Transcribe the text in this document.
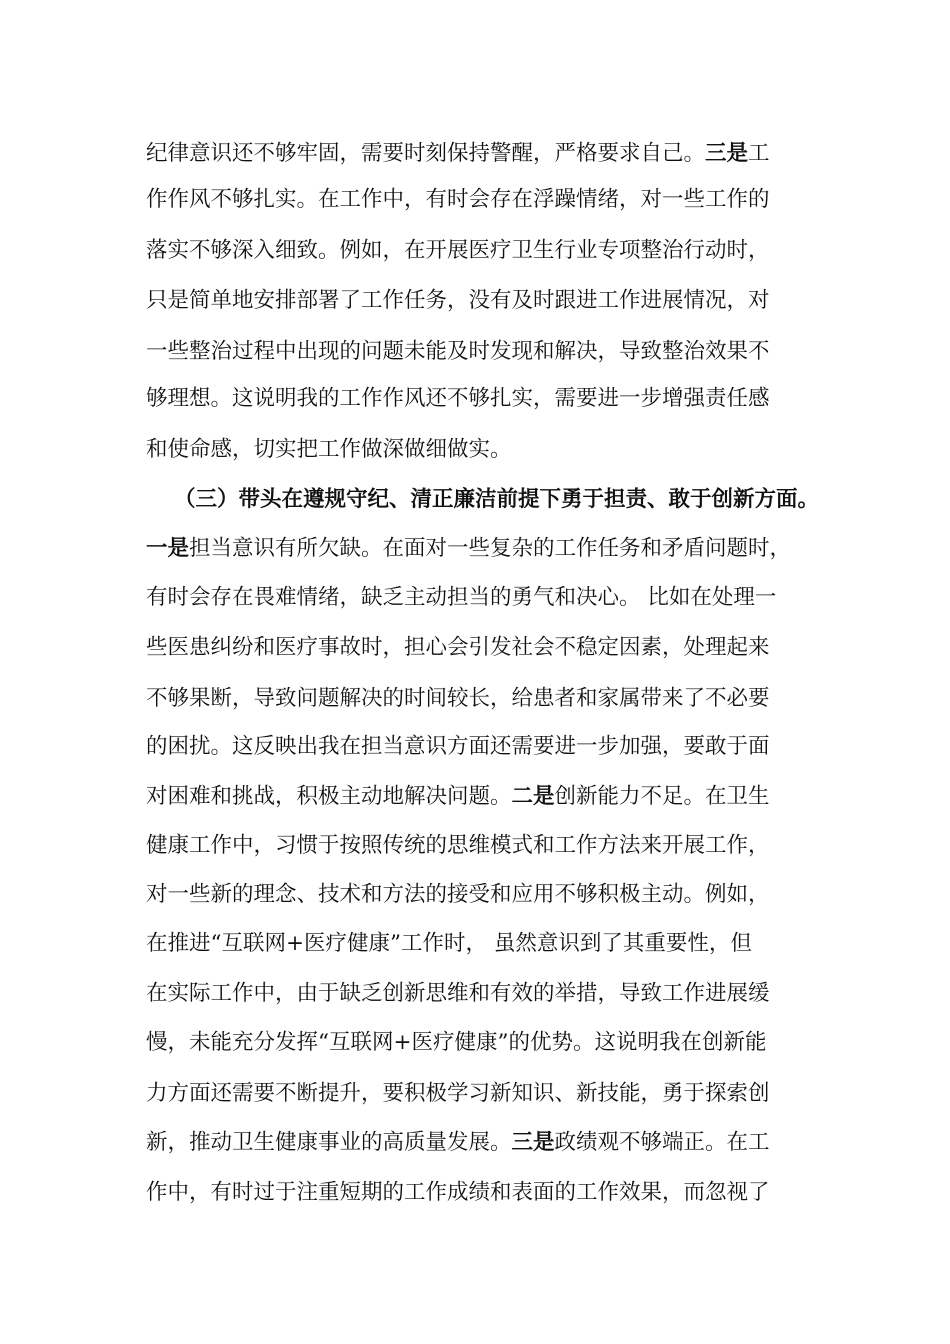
纪律意识还不够牢固，需要时刻保持警醒，严格要求自己。三是工
作作风不够扎实。在工作中，有时会存在浮躁情绪，对一些工作的
落实不够深入细致。例如，在开展医疗卫生行业专项整治行动时，
只是简单地安排部署了工作任务，没有及时跟进工作进展情况，对
一些整治过程中出现的问题未能及时发现和解决，导致整治效果不
够理想。这说明我的工作作风还不够扎实，需要进一步增强责任感
和使命感，切实把工作做深做细做实。
（三）带头在遵规守纪、清正廉洁前提下勇于担责、敢于创新方面。
一是担当意识有所欠缺。在面对一些复杂的工作任务和矛盾问题时，
有时会存在畏难情绪，缺乏主动担当的勇气和决心。 比如在处理一
些医患纠纷和医疗事故时，担心会引发社会不稳定因素，处理起来
不够果断，导致问题解决的时间较长，给患者和家属带来了不必要
的困扰。这反映出我在担当意识方面还需要进一步加强，要敢于面
对困难和挑战，积极主动地解决问题。二是创新能力不足。在卫生
健康工作中，习惯于按照传统的思维模式和工作方法来开展工作，
对一些新的理念、技术和方法的接受和应用不够积极主动。例如，
在推进“互联网+医疗健康”工作时， 虽然意识到了其重要性，但
在实际工作中，由于缺乏创新思维和有效的举措，导致工作进展缓
慢，未能充分发挥“互联网+医疗健康”的优势。这说明我在创新能
力方面还需要不断提升，要积极学习新知识、新技能，勇于探索创
新，推动卫生健康事业的高质量发展。三是政绩观不够端正。在工
作中，有时过于注重短期的工作成绩和表面的工作效果，而忽视了
